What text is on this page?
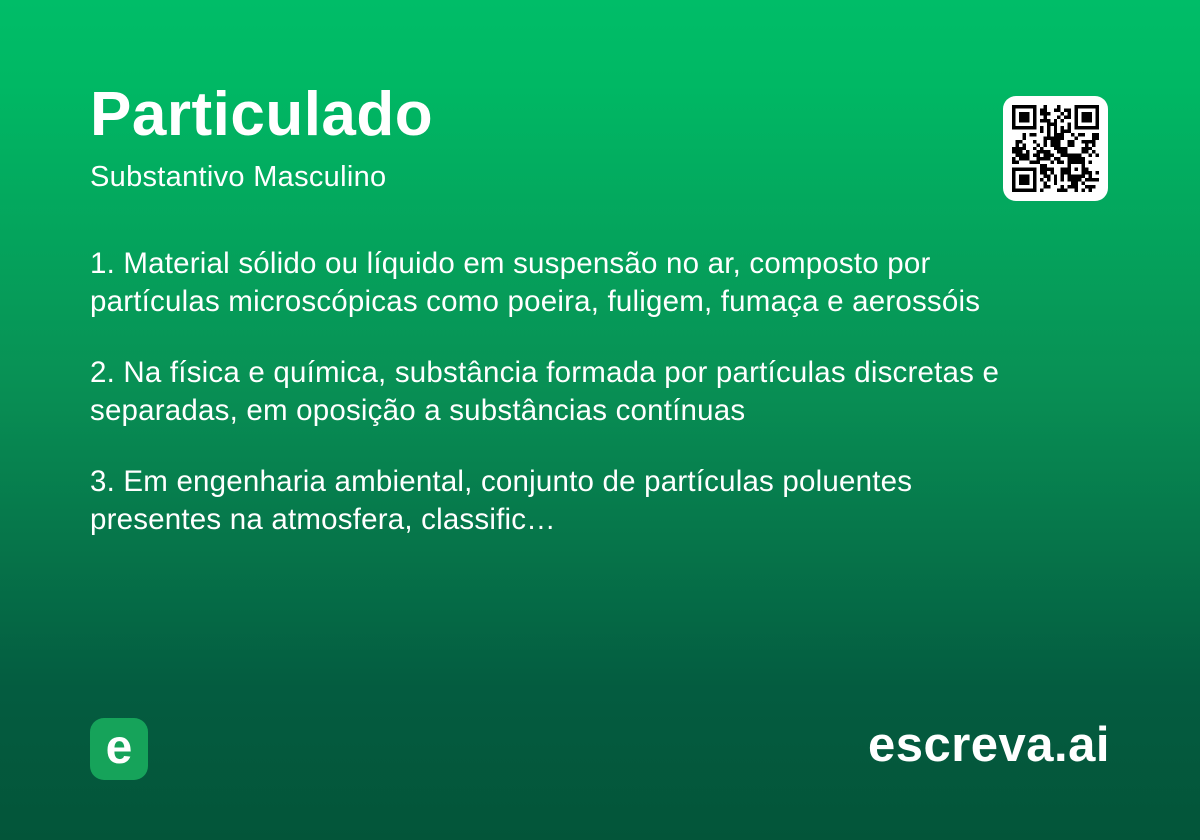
Particulado
Substantivo Masculino

1. Material sólido ou líquido em suspensão no ar, composto por partículas microscópicas como poeira, fuligem, fumaça e aerossóis

2. Na física e química, substância formada por partículas discretas e separadas, em oposição a substâncias contínuas

3. Em engenharia ambiental, conjunto de partículas poluentes presentes na atmosfera, classific…

e	escreva.ai
